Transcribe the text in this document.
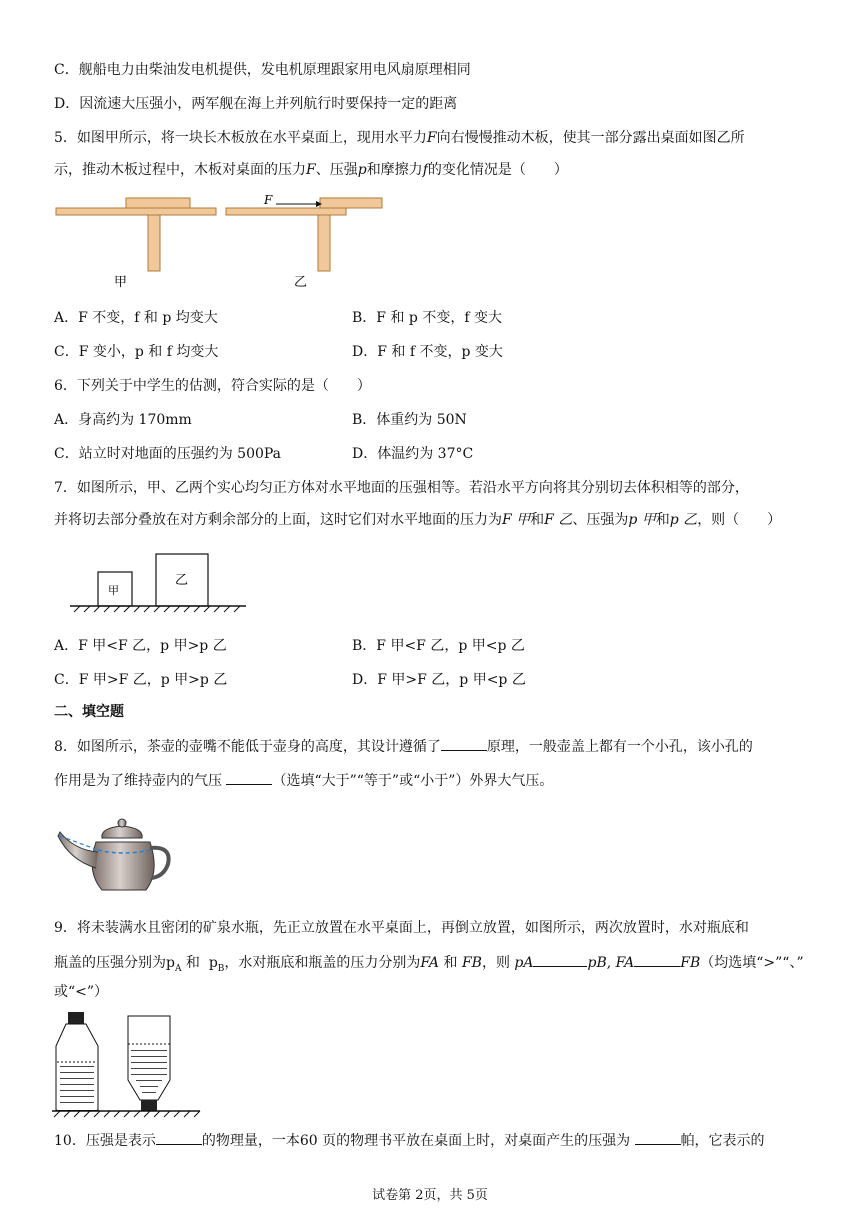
C．舰船电力由柴油发电机提供，发电机原理跟家用电风扇原理相同
D．因流速大压强小，两军舰在海上并列航行时要保持一定的距离
5．如图甲所示，将一块长木板放在水平桌面上，现用水平力F向右慢慢推动木板，使其一部分露出桌面如图乙所
示，推动木板过程中，木板对桌面的压力F、压强p和摩擦力f的变化情况是（　　）
甲
F
乙
A．F 不变，f 和 p 均变大	B．F 和 p 不变，f 变大
C．F 变小，p 和 f 均变大	D．F 和 f 不变，p 变大
6．下列关于中学生的估测，符合实际的是（　　）
A．身高约为 170mm	B．体重约为 50N
C．站立时对地面的压强约为 500Pa	D．体温约为 37°C
7．如图所示，甲、乙两个实心均匀正方体对水平地面的压强相等。若沿水平方向将其分别切去体积相等的部分，
并将切去部分叠放在对方剩余部分的上面，这时它们对水平地面的压力为F 甲和F 乙、压强为p 甲和p 乙，则（　　）
甲
乙
A．F 甲<F 乙，p 甲>p 乙	B．F 甲<F 乙，p 甲<p 乙
C．F 甲>F 乙，p 甲>p 乙	D．F 甲>F 乙，p 甲<p 乙
二、填空题
8．如图所示，茶壶的壶嘴不能低于壶身的高度，其设计遵循了	原理，一般壶盖上都有一个小孔，该小孔的
作用是为了维持壶内的气压	（选填“大于”“等于”或“小于”）外界大气压。
9．将未装满水且密闭的矿泉水瓶，先正立放置在水平桌面上，再倒立放置，如图所示，两次放置时，水对瓶底和
瓶盖的压强分别为$p_A$ 和 $p_B$，水对瓶底和瓶盖的压力分别为FA 和 FB，则 pA	pB, FA	FB（均选填“>”“、”
或“<”）
10．压强是表示	的物理量，一本60 页的物理书平放在桌面上时，对桌面产生的压强为	帕，它表示的
试卷第 2页，共 5页
